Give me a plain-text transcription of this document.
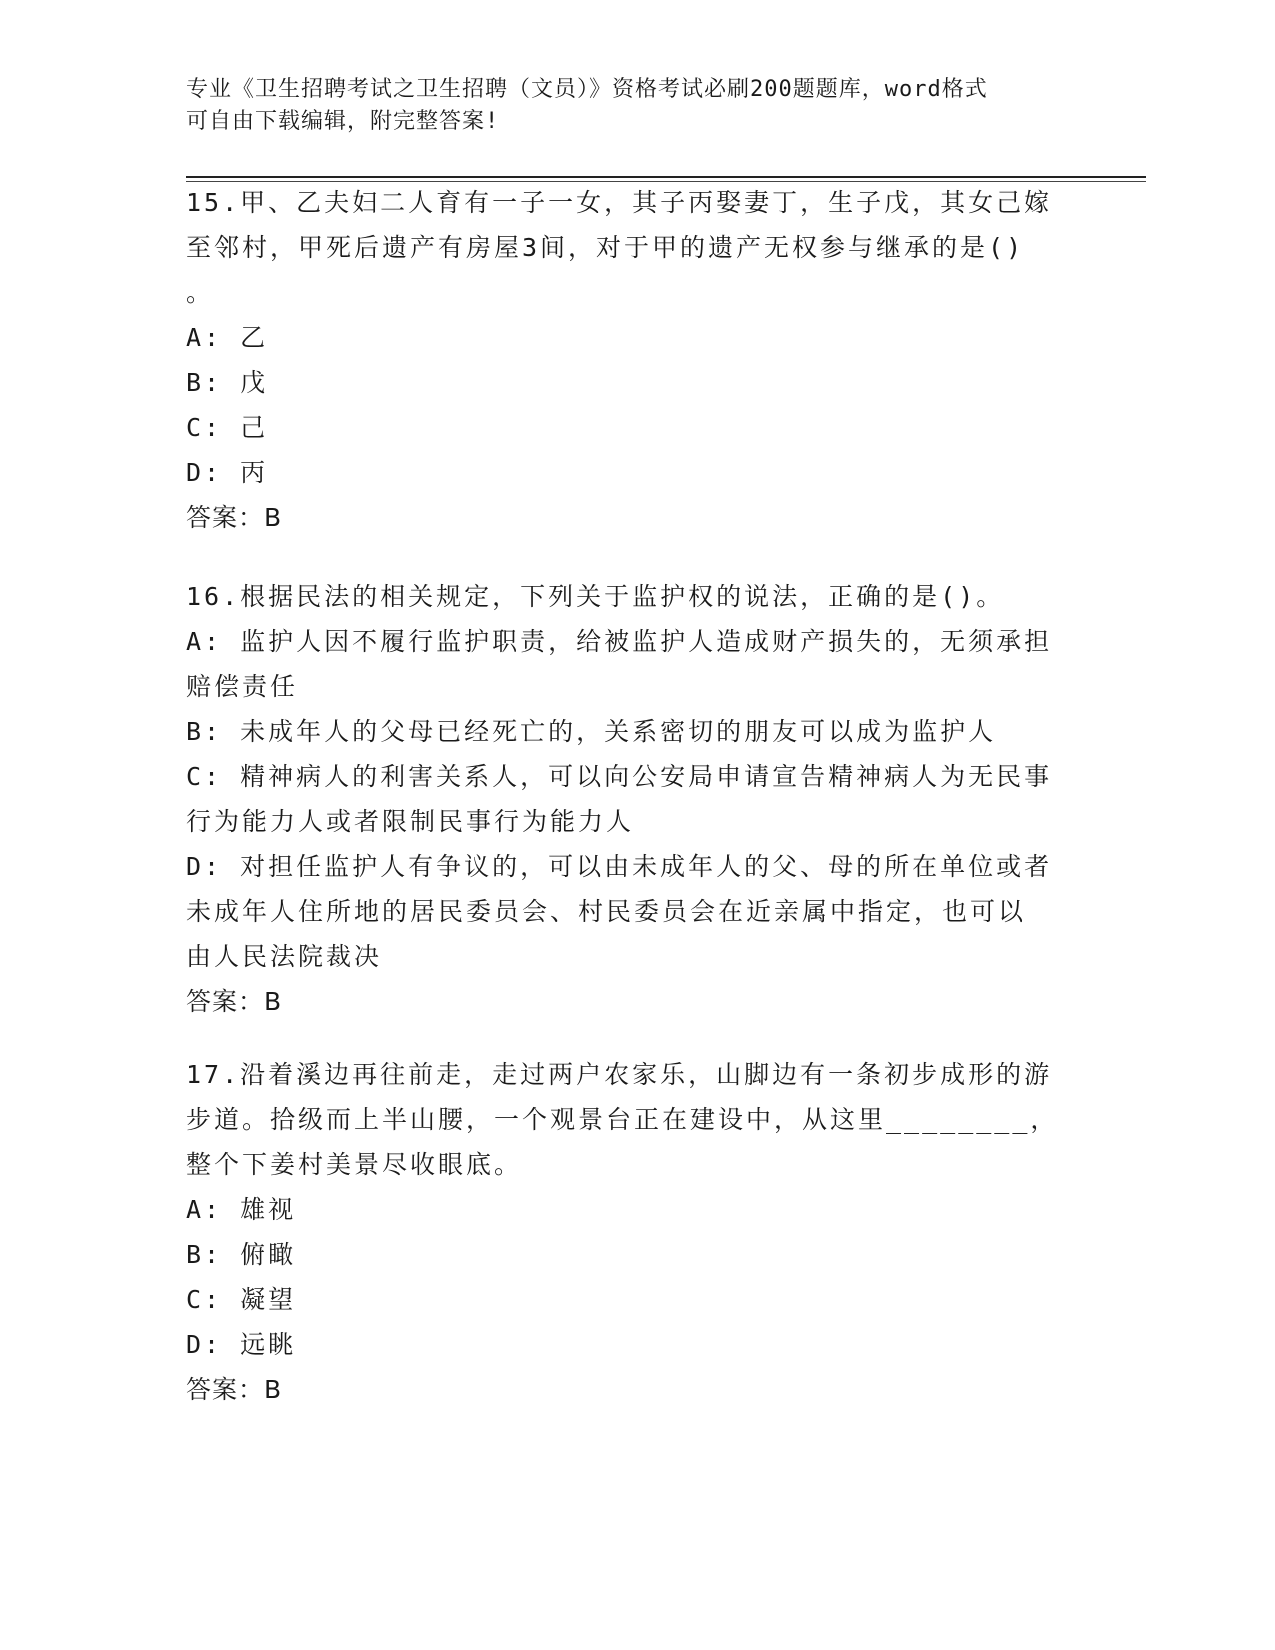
专业《卫生招聘考试之卫生招聘（文员）》资格考试必刷200题题库，word格式
可自由下载编辑，附完整答案!
15.甲、乙夫妇二人育有一子一女，其子丙娶妻丁，生子戊，其女己嫁
至邻村，甲死后遗产有房屋3间，对于甲的遗产无权参与继承的是()
。
A: 乙
B: 戊
C: 己
D: 丙
答案：B
16.根据民法的相关规定，下列关于监护权的说法，正确的是()。
A: 监护人因不履行监护职责，给被监护人造成财产损失的，无须承担
赔偿责任
B: 未成年人的父母已经死亡的，关系密切的朋友可以成为监护人
C: 精神病人的利害关系人，可以向公安局申请宣告精神病人为无民事
行为能力人或者限制民事行为能力人
D: 对担任监护人有争议的，可以由未成年人的父、母的所在单位或者
未成年人住所地的居民委员会、村民委员会在近亲属中指定，也可以
由人民法院裁决
答案：B
17.沿着溪边再往前走，走过两户农家乐，山脚边有一条初步成形的游
步道。拾级而上半山腰，一个观景台正在建设中，从这里________，
整个下姜村美景尽收眼底。
A: 雄视
B: 俯瞰
C: 凝望
D: 远眺
答案：B
